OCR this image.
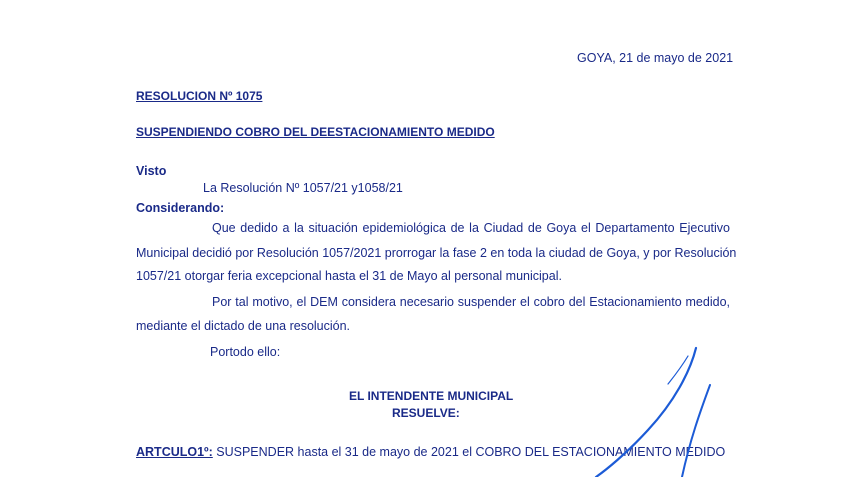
GOYA, 21 de mayo de 2021
RESOLUCION Nº 1075
SUSPENDIENDO COBRO DEL DEESTACIONAMIENTO MEDIDO
Visto
La Resolución Nº 1057/21 y1058/21
Considerando:
Que dedido a la situación epidemiológica de la Ciudad de Goya el Departamento Ejecutivo
Municipal decidió por Resolución 1057/2021 prorrogar la fase 2 en toda la ciudad de Goya, y por Resolución
1057/21 otorgar feria excepcional hasta el 31 de Mayo al personal municipal.
Por tal motivo, el DEM considera necesario suspender el cobro del Estacionamiento medido,
mediante el dictado de una resolución.
Portodo ello:
EL INTENDENTE MUNICIPAL
RESUELVE:
ARTCULO1º: SUSPENDER hasta el 31 de mayo de 2021 el COBRO DEL ESTACIONAMIENTO MEDIDO
